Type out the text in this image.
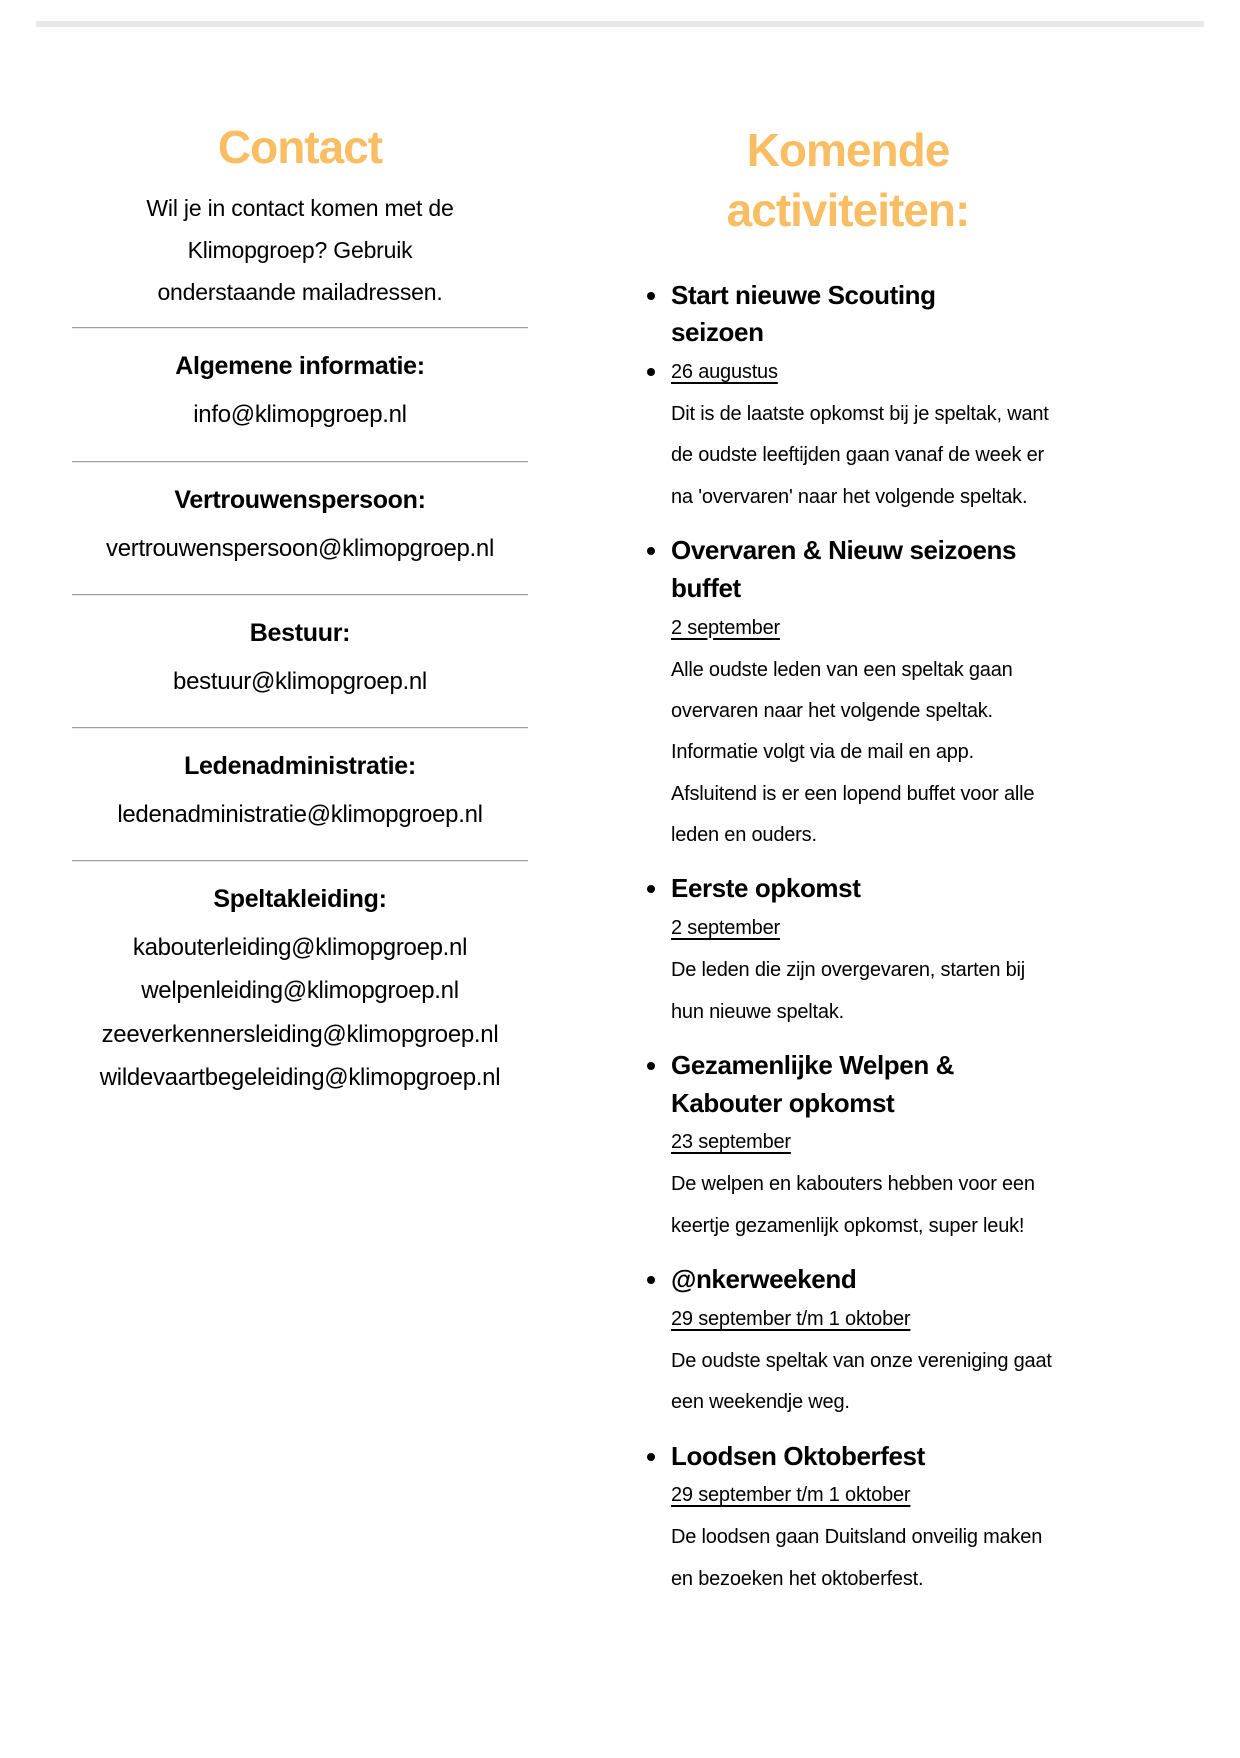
Contact

Wil je in contact komen met de Klimopgroep? Gebruik onderstaande mailadressen.

Algemene informatie:
info@klimopgroep.nl
Vertrouwenspersoon:
vertrouwenspersoon@klimopgroep.nl
Bestuur:
bestuur@klimopgroep.nl
Ledenadministratie:
ledenadministratie@klimopgroep.nl
Speltakleiding:
kabouterleiding@klimopgroep.nl
welpenleiding@klimopgroep.nl
zeeverkennersleiding@klimopgroep.nl
wildevaartbegeleiding@klimopgroep.nl
Komende activiteiten:
Start nieuwe Scouting seizoen
26 augustus

Dit is de laatste opkomst bij je speltak, want de oudste leeftijden gaan vanaf de week er na 'overvaren' naar het volgende speltak.

Overvaren & Nieuw seizoens buffet
2 september

Alle oudste leden van een speltak gaan overvaren naar het volgende speltak. Informatie volgt via de mail en app. Afsluitend is er een lopend buffet voor alle leden en ouders.

Eerste opkomst
2 september

De leden die zijn overgevaren, starten bij hun nieuwe speltak.

Gezamenlijke Welpen & Kabouter opkomst
23 september

De welpen en kabouters hebben voor een keertje gezamenlijk opkomst, super leuk!

@nkerweekend
29 september t/m 1 oktober

De oudste speltak van onze vereniging gaat een weekendje weg.

Loodsen Oktoberfest
29 september t/m 1 oktober

De loodsen gaan Duitsland onveilig maken en bezoeken het oktoberfest.
